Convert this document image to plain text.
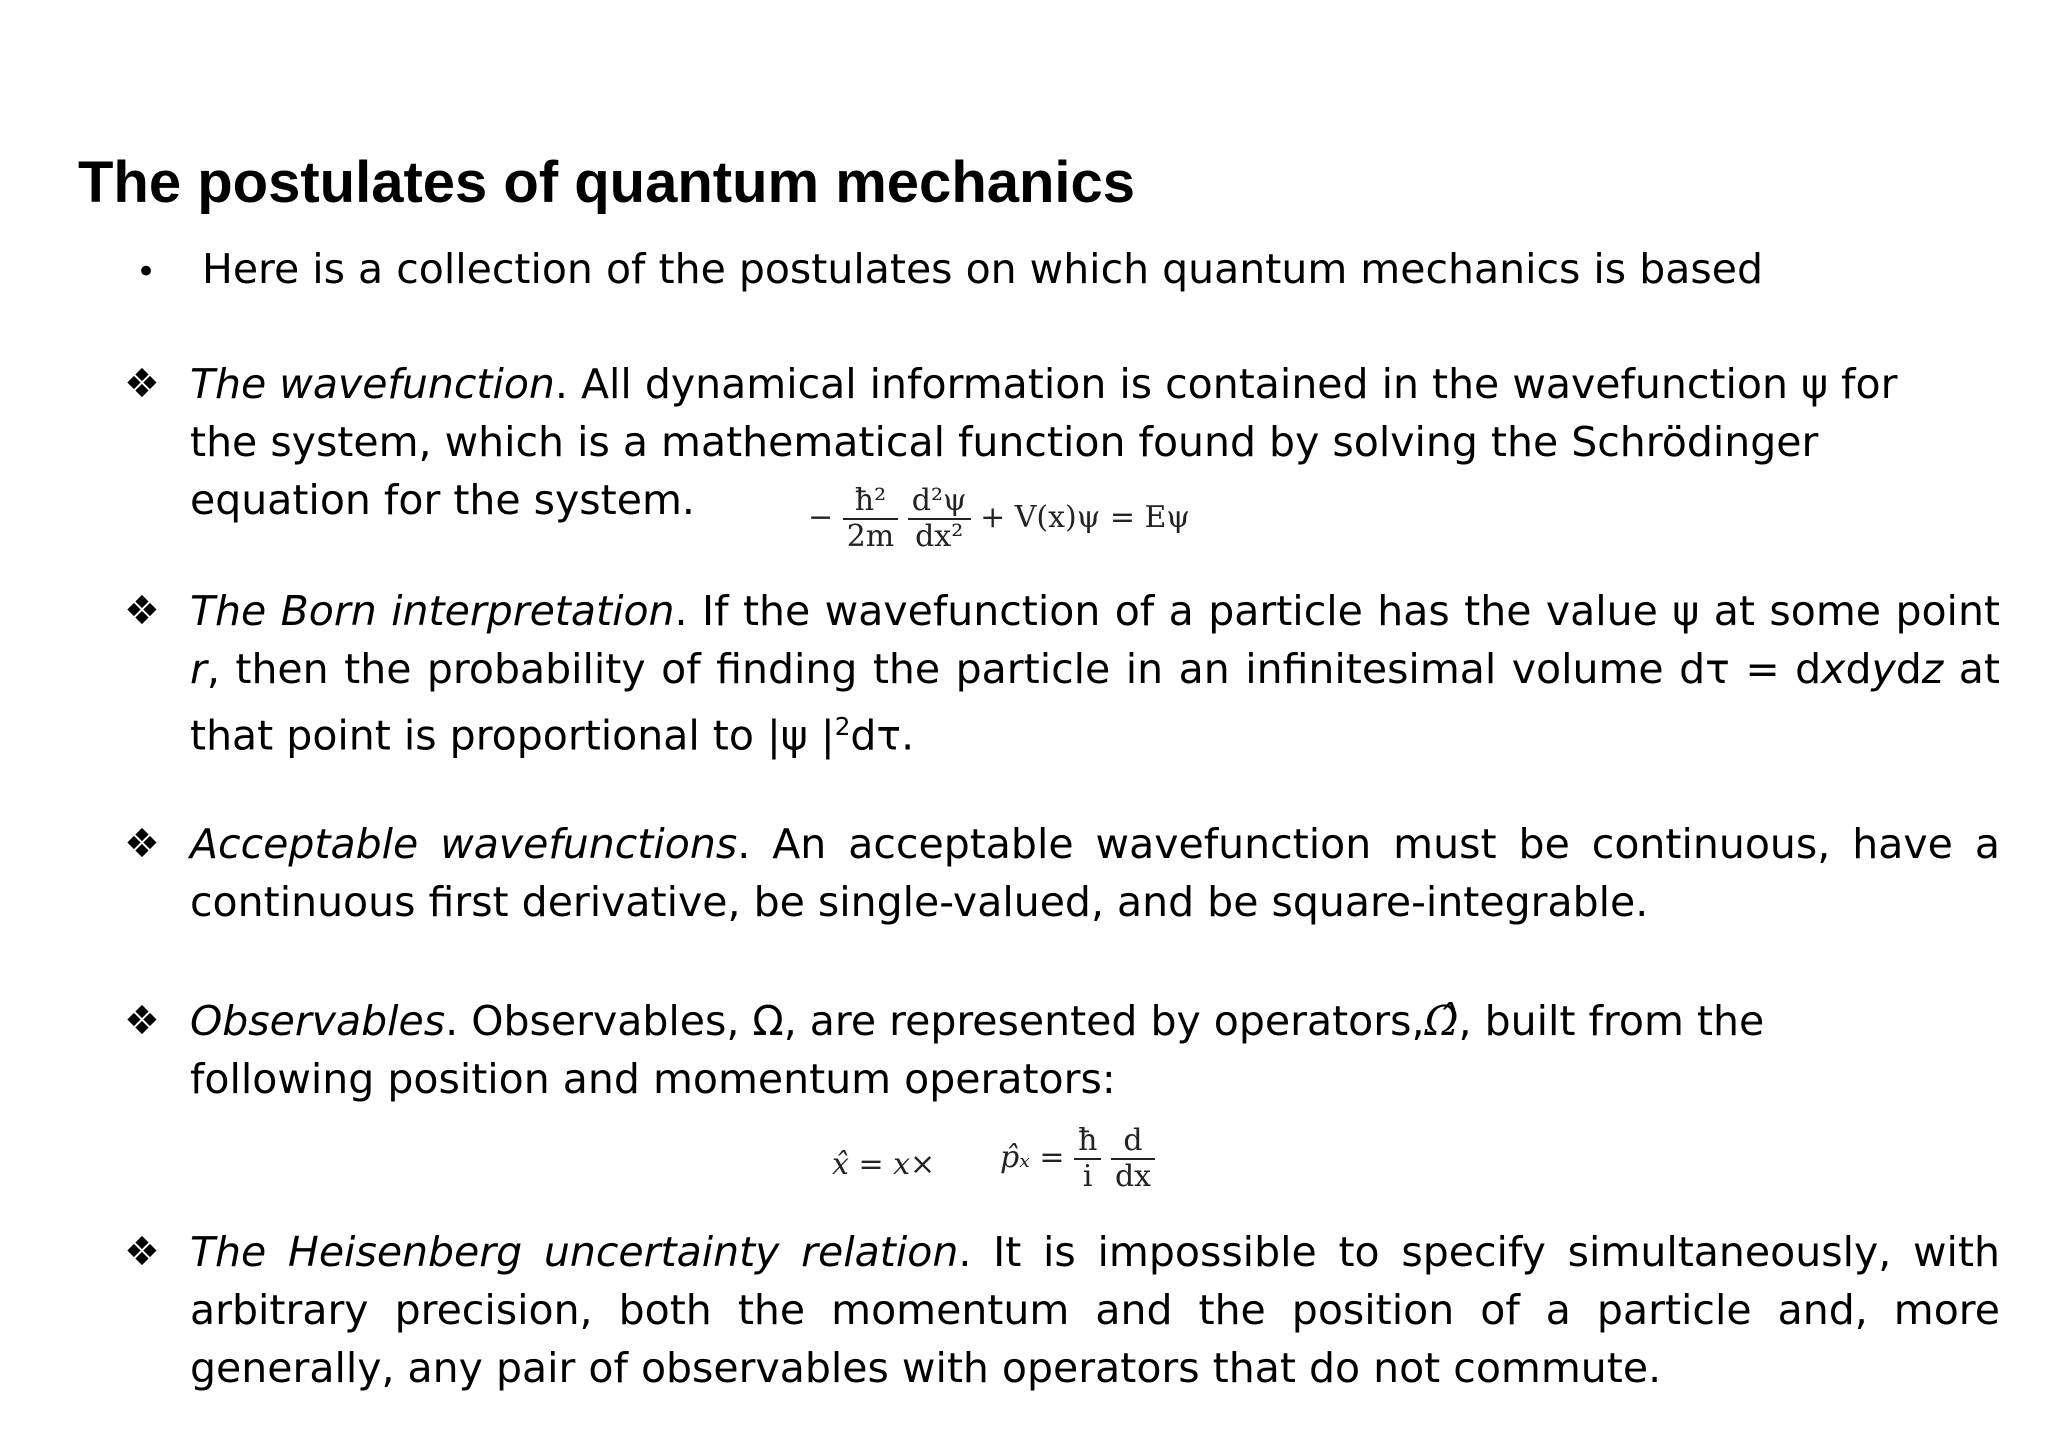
The postulates of quantum mechanics
• Here is a collection of the postulates on which quantum mechanics is based
❖ The wavefunction. All dynamical information is contained in the wavefunction ψ for the system, which is a mathematical function found by solving the Schrödinger equation for the system.	− $\frac{\text{ħ²}}{2m}$
$\frac{\text{d²ψ}}{\text{dx²}} + V(x)\psi = E\psi$
❖ The Born interpretation. If the wavefunction of a particle has the value ψ at some point r, then the probability of finding the particle in an infinitesimal volume dτ = dxdydz at that point is proportional to |ψ $|^2d\tau$.
❖ Acceptable wavefunctions. An acceptable wavefunction must be continuous, have a continuous first derivative, be single-valued, and be square-integrable.
❖ Observables. Observables, Ω, are represented by operators,Ω̂, built from the following position and momentum operators:
x̂ = x× p̂ₓ = $\frac{ħ}{i}$
$\frac{d}{dx}$
❖ The Heisenberg uncertainty relation. It is impossible to specify simultaneously, with arbitrary precision, both the momentum and the position of a particle and, more generally, any pair of observables with operators that do not commute.
